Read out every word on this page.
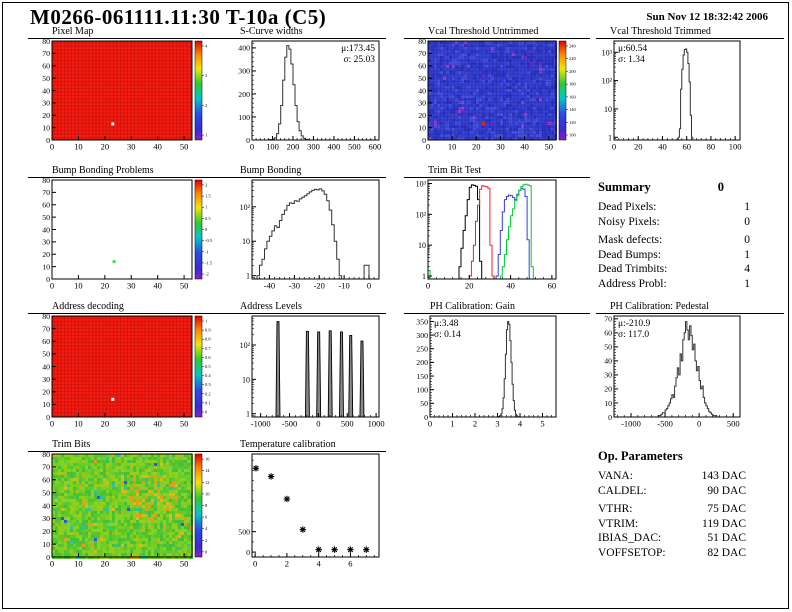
M0266-061111.11:30 T-10a (C5)	Sun Nov 12 18:32:42 2006
Pixel Map
4
3
2
1
0 10 20 30 40 50
0
10
20
30
40
50
60
70
80
S-Curve widths
0 100 200 300 400 500 600
0
100
200
300
400	μ:173.45
σ: 25.03
Vcal Threshold Untrimmed
240
220
200
180
160
140
120
100
0 10 20 30 40 50
0
10
20
30
40
50
60
70
80
Vcal Threshold Trimmed
0 20 40 60 80 100
1
10
10²
10³ μ:60.54
σ: 1.34
Bump Bonding Problems
2
1.5
1
0.5
0
-0.5
-1
-1.5
-2
0 10 20 30 40 50
0
10
20
30
40
50
60
70
80
Bump Bonding
-40 -30 -20 -10 0
1
10
10²
Trim Bit Test
0	20	40	60
1
10
10²
10³	Summary	0
Dead Pixels:	1
Noisy Pixels:	0
Mask defects:	0
Dead Bumps:	1
Dead Trimbits:	4
Address Probl:	1
Address decoding
1
0.9
0.8
0.7
0.6
0.5
0.4
0.3
0.2
0.1
0
0 10 20 30 40 50
0
10
20
30
40
50
60
70
80
Address Levels
-1000 -500 0 500 1000
1
10
10²
PH Calibration: Gain
0 1 2 3 4 5
0
50
100
150
200
250
300
350 μ:3.48
σ: 0.14
PH Calibration: Pedestal
-1000 -500	0	500
0
10
20
30
40
50
60
70 μ:-210.9
σ: 117.0
Trim Bits
16
14
12
10
8
6
4
2
0
0 10 20 30 40 50
0
10
20
30
40
50
60
70
80
Temperature calibration
0	2	4	6
0
500
Op. Parameters
VANA:	143 DAC
CALDEL:	90 DAC
VTHR:	75 DAC
VTRIM:	119 DAC
IBIAS_DAC:	51 DAC
VOFFSETOP:	82 DAC
